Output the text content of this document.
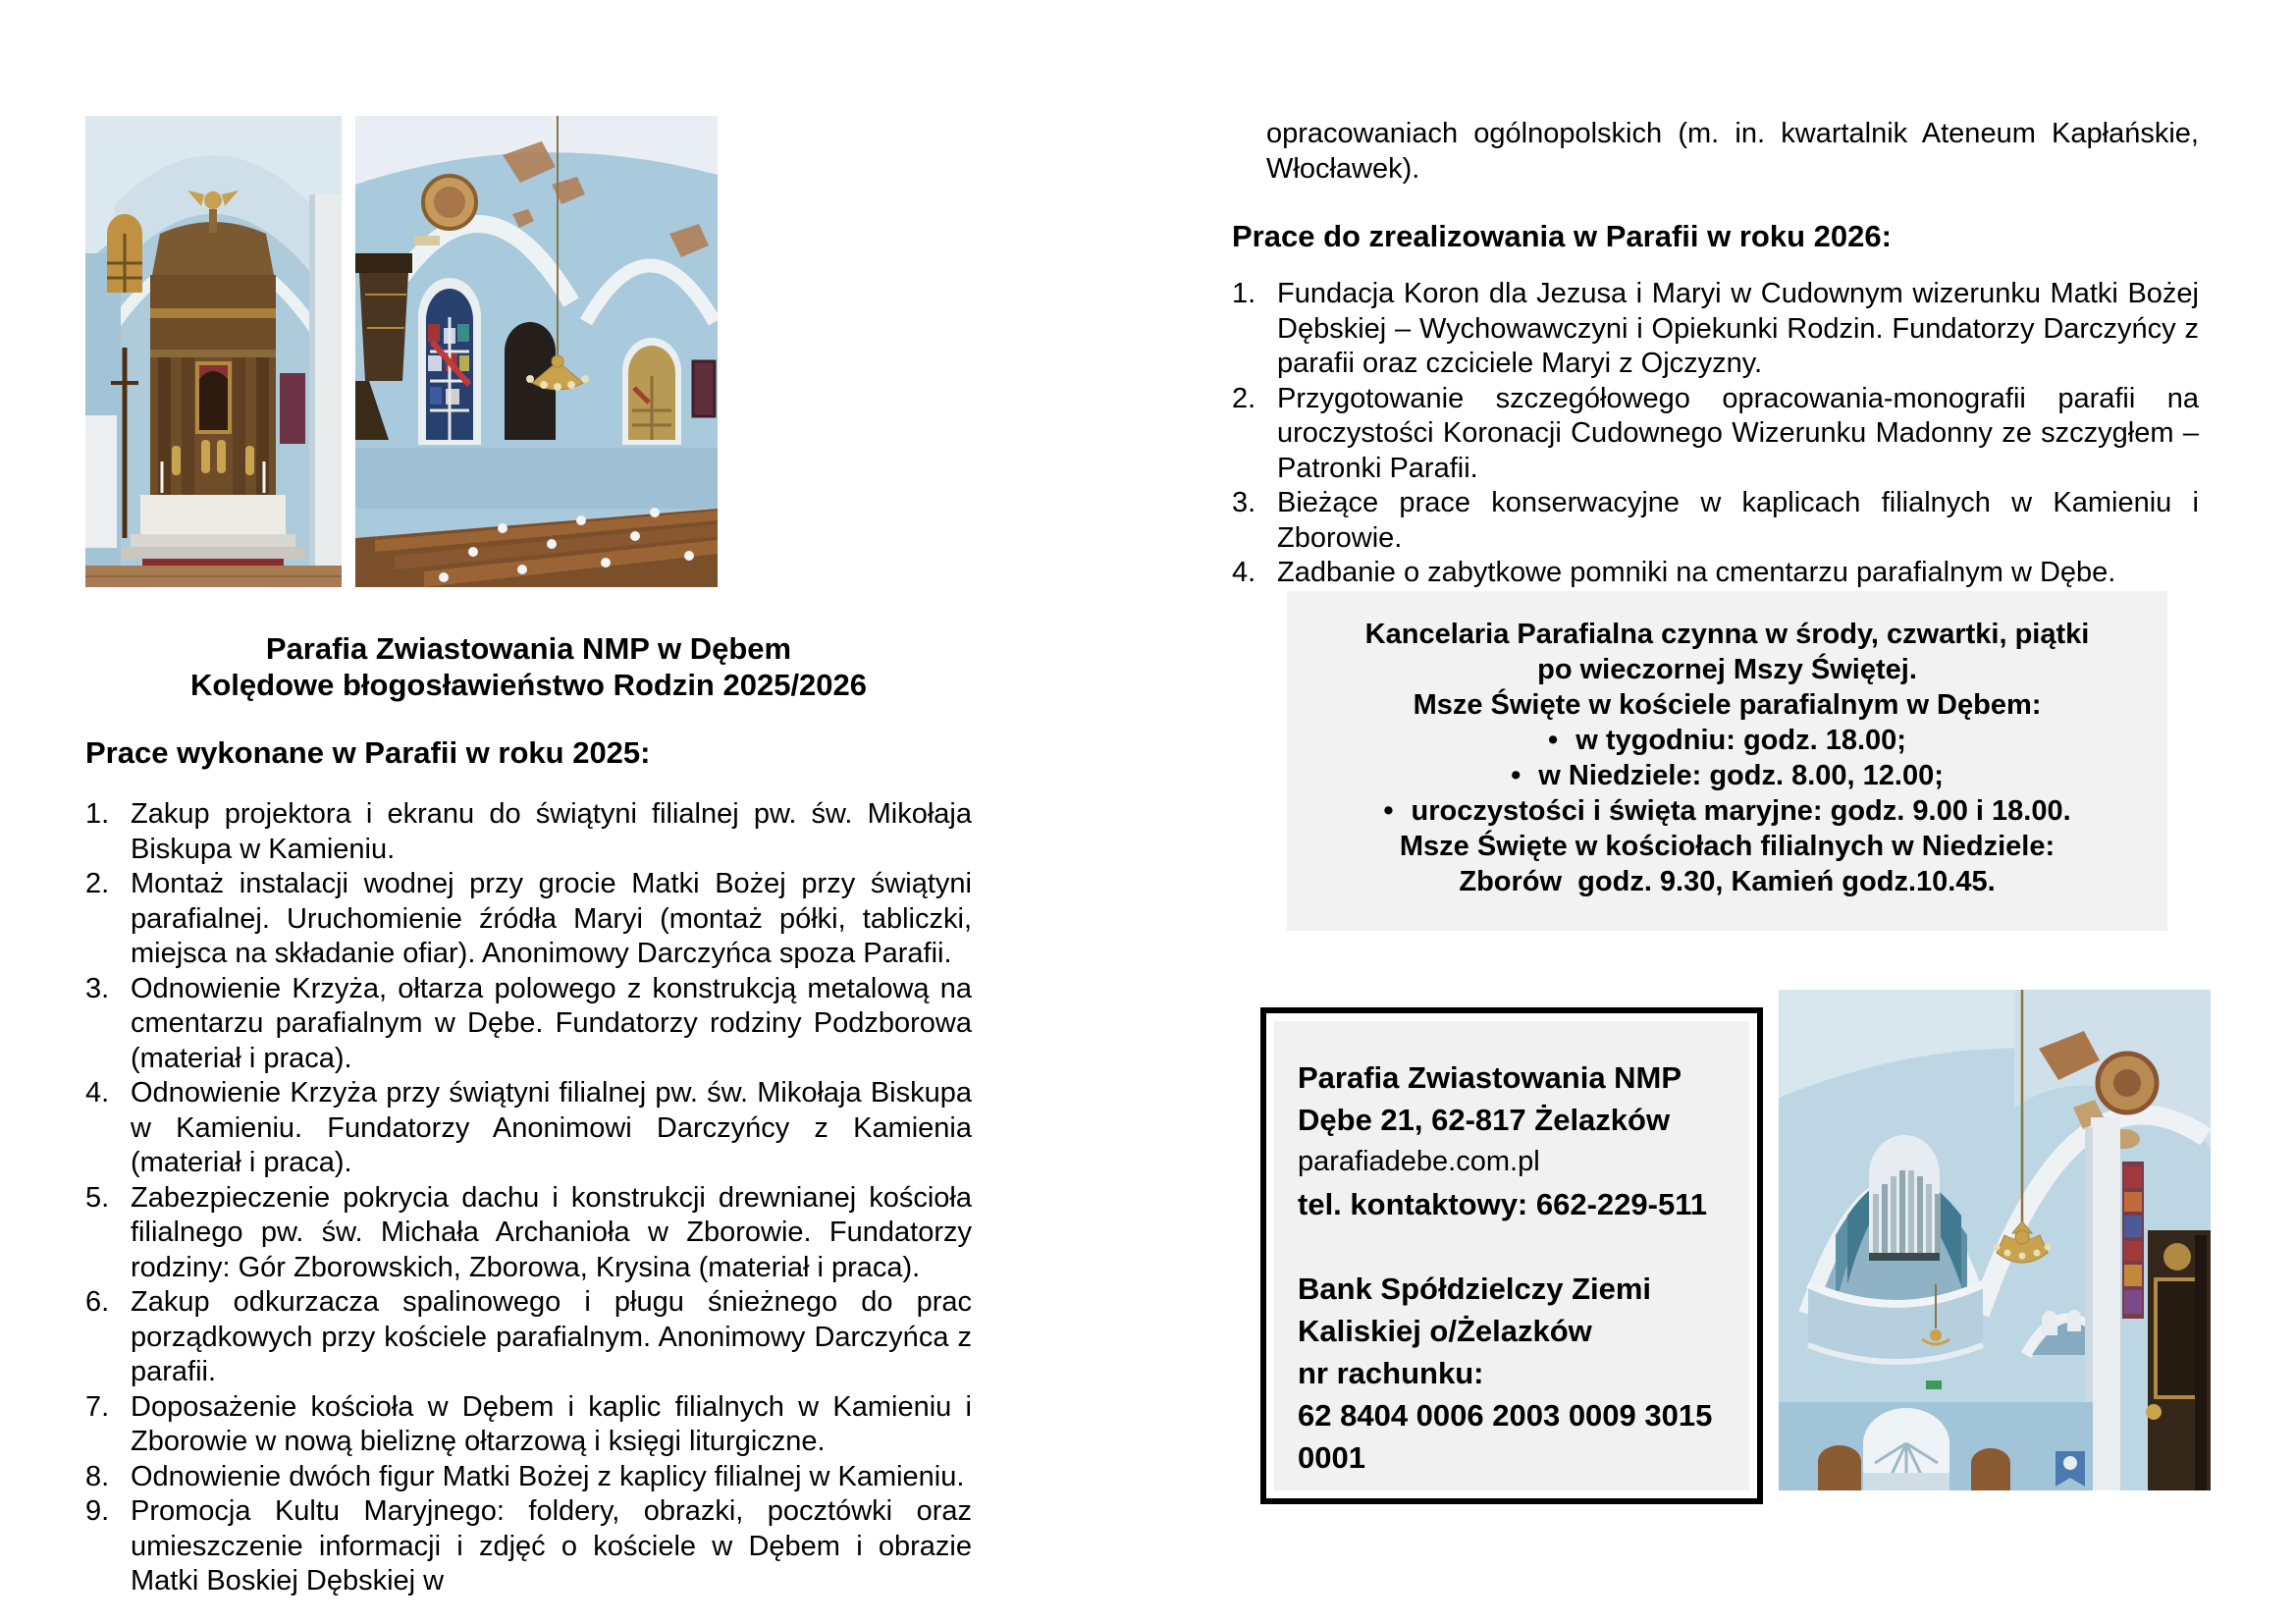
Parafia Zwiastowania NMP w Dębem
Kolędowe błogosławieństwo Rodzin 2025/2026
Prace wykonane w Parafii w roku 2025:
1. Zakup projektora i ekranu do świątyni filialnej pw. św. Mikołaja Biskupa w Kamieniu.
2. Montaż instalacji wodnej przy grocie Matki Bożej przy świątyni parafialnej. Uruchomienie źródła Maryi (montaż półki, tabliczki, miejsca na składanie ofiar). Anonimowy Darczyńca spoza Parafii.
3. Odnowienie Krzyża, ołtarza polowego z konstrukcją metalową na cmentarzu parafialnym w Dębe. Fundatorzy rodziny Podzborowa (materiał i praca).
4. Odnowienie Krzyża przy świątyni filialnej pw. św. Mikołaja Biskupa w Kamieniu. Fundatorzy Anonimowi Darczyńcy z Kamienia (materiał i praca).
5. Zabezpieczenie pokrycia dachu i konstrukcji drewnianej kościoła filialnego pw. św. Michała Archanioła w Zborowie. Fundatorzy rodziny: Gór Zborowskich, Zborowa, Krysina (materiał i praca).
6. Zakup odkurzacza spalinowego i pługu śnieżnego do prac porządkowych przy kościele parafialnym. Anonimowy Darczyńca z parafii.
7. Doposażenie kościoła w Dębem i kaplic filialnych w Kamieniu i Zborowie w nową bieliznę ołtarzową i księgi liturgiczne.
8. Odnowienie dwóch figur Matki Bożej z kaplicy filialnej w Kamieniu.
9. Promocja Kultu Maryjnego: foldery, obrazki, pocztówki oraz umieszczenie informacji i zdjęć o kościele w Dębem i obrazie Matki Boskiej Dębskiej w
opracowaniach ogólnopolskich (m. in. kwartalnik Ateneum Kapłańskie, Włocławek).
Prace do zrealizowania w Parafii w roku 2026:
1. Fundacja Koron dla Jezusa i Maryi w Cudownym wizerunku Matki Bożej Dębskiej – Wychowawczyni i Opiekunki Rodzin. Fundatorzy Darczyńcy z parafii oraz czciciele Maryi z Ojczyzny.
2. Przygotowanie szczegółowego opracowania-monografii parafii na uroczystości Koronacji Cudownego Wizerunku Madonny ze szczygłem – Patronki Parafii.
3. Bieżące prace konserwacyjne w kaplicach filialnych w Kamieniu i Zborowie.
4. Zadbanie o zabytkowe pomniki na cmentarzu parafialnym w Dębe.
Kancelaria Parafialna czynna w środy, czwartki, piątki
po wieczornej Mszy Świętej.
Msze Święte w kościele parafialnym w Dębem:
• w tygodniu: godz. 18.00;
• w Niedziele: godz. 8.00, 12.00;
• uroczystości i święta maryjne: godz. 9.00 i 18.00.
Msze Święte w kościołach filialnych w Niedziele:
Zborów  godz. 9.30, Kamień godz.10.45.
Parafia Zwiastowania NMP
Dębe 21, 62-817 Żelazków
parafiadebe.com.pl
tel. kontaktowy: 662-229-511
Bank Spółdzielczy Ziemi
Kaliskiej o/Żelazków
nr rachunku:
62 8404 0006 2003 0009 3015
0001
